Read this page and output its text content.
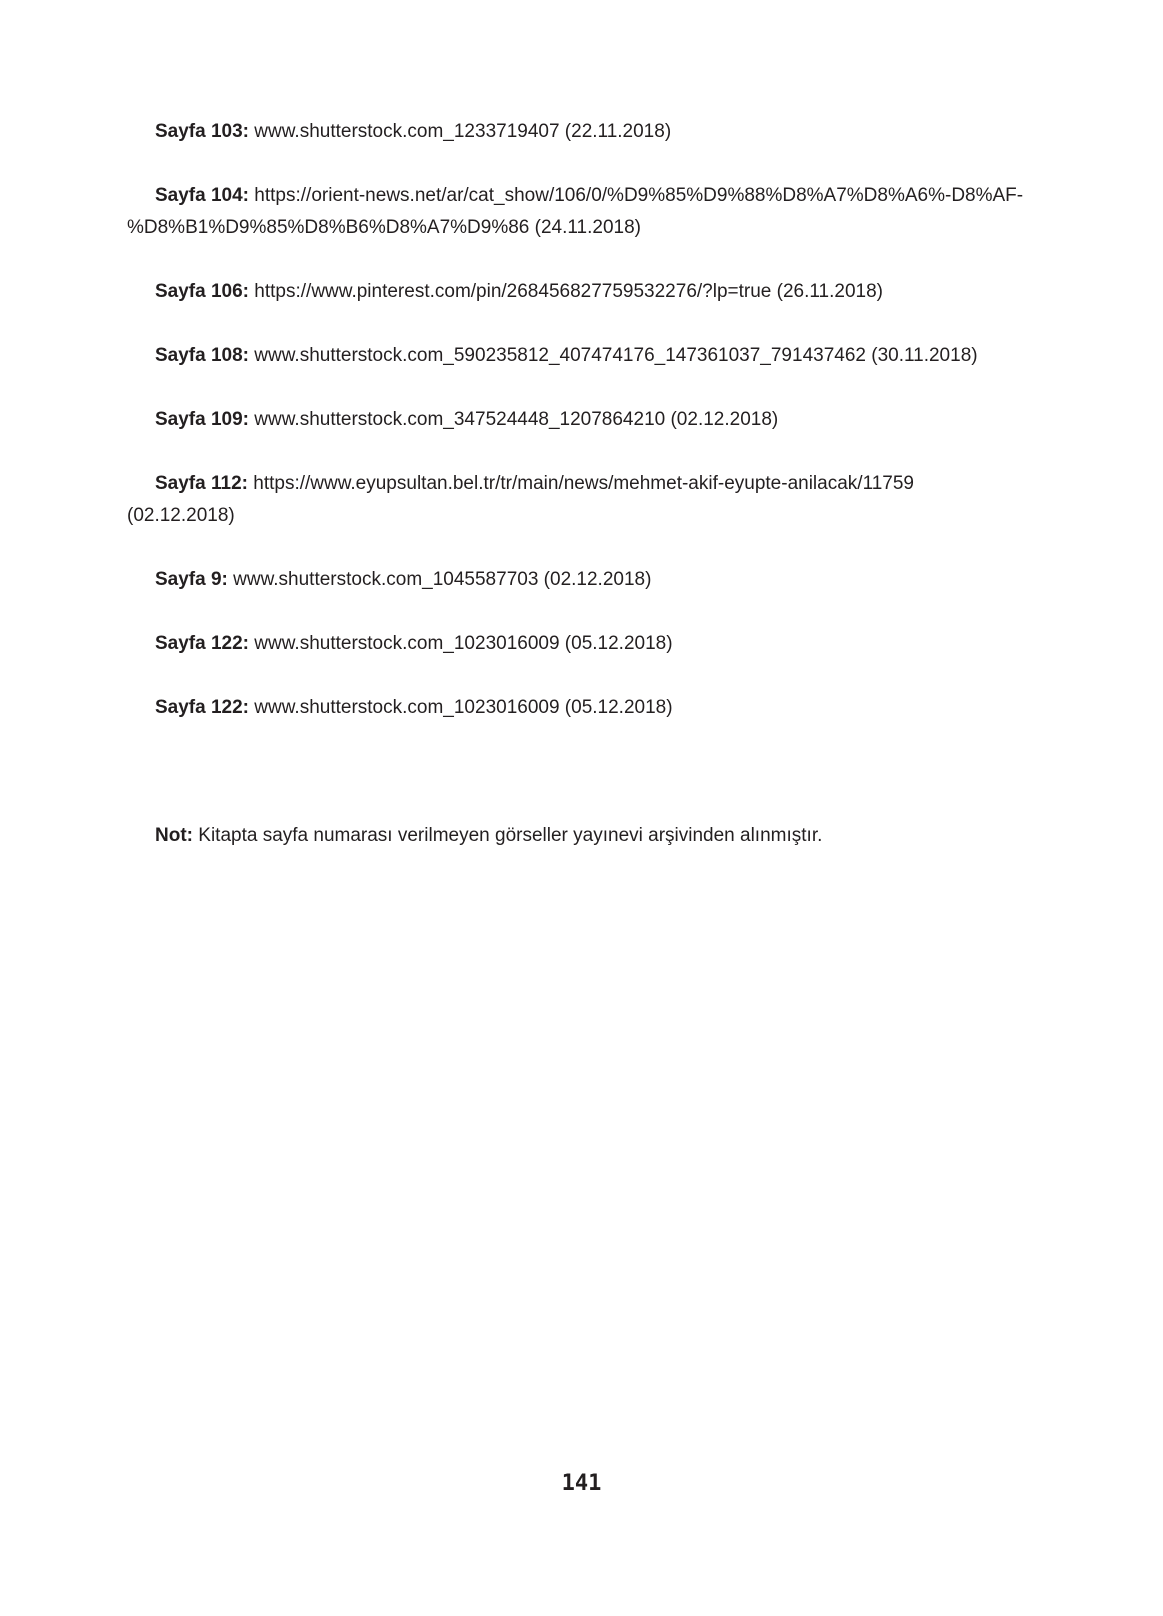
Sayfa 103: www.shutterstock.com_1233719407 (22.11.2018)

Sayfa 104: https://orient-news.net/ar/cat_show/106/0/%D9%85%D9%88%D8%A7%D8%A6%-D8%AF-%D8%B1%D9%85%D8%B6%D8%A7%D9%86 (24.11.2018)

Sayfa 106: https://www.pinterest.com/pin/268456827759532276/?lp=true (26.11.2018)

Sayfa 108: www.shutterstock.com_590235812_407474176_147361037_791437462 (30.11.2018)

Sayfa 109: www.shutterstock.com_347524448_1207864210 (02.12.2018)

Sayfa 112: https://www.eyupsultan.bel.tr/tr/main/news/mehmet-akif-eyupte-anilacak/11759 (02.12.2018)

Sayfa 9: www.shutterstock.com_1045587703 (02.12.2018)

Sayfa 122: www.shutterstock.com_1023016009 (05.12.2018)

Sayfa 122: www.shutterstock.com_1023016009 (05.12.2018)

Not: Kitapta sayfa numarası verilmeyen görseller yayınevi arşivinden alınmıştır.

141
